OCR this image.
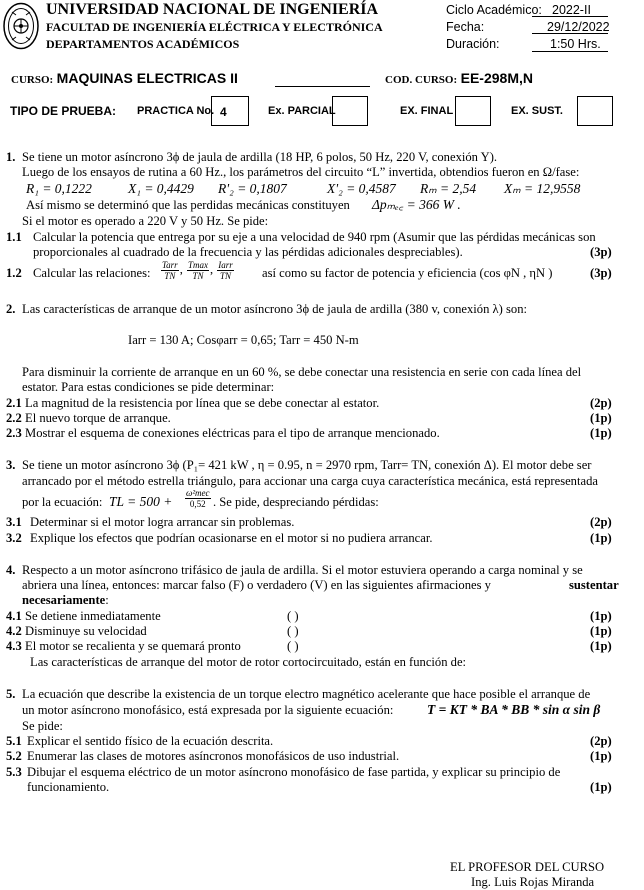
UNIVERSIDAD NACIONAL DE INGENIERÍA
FACULTAD DE INGENIERÍA ELÉCTRICA Y ELECTRÓNICA
DEPARTAMENTOS ACADÉMICOS
Ciclo Académico: 2022-II
Fecha:	29/12/2022
Duración:	1:50 Hrs.
CURSO: MAQUINAS ELECTRICAS II	COD. CURSO: EE-298M,N
TIPO DE PRUEBA: PRACTICA No. 4	Ex. PARCIAL	EX. FINAL	EX. SUST.
1. Se tiene un motor asíncrono 3ϕ de jaula de ardilla (18 HP, 6 polos, 50 Hz, 220 V, conexión Y).
Luego de los ensayos de rutina a 60 Hz., los parámetros del circuito “L” invertida, obtendios fueron en Ω/fase:
R₁ = 0,1222	X₁ = 0,4429 R'₂ = 0,1807	X'₂ = 0,4587 Rₘ = 2,54 Xₘ = 12,9558
Así mismo se determinó que las perdidas mecánicas constituyen Δpₘₑ꜀ = 366 W .
Si el motor es operado a 220 V y 50 Hz. Se pide:
1.1 Calcular la potencia que entrega por su eje a una velocidad de 940 rpm (Asumir que las pérdidas mecánicas son
proporcionales al cuadrado de la frecuencia y las pérdidas adicionales despreciables).	(3p)
1.2 Calcular las relaciones:
Tarr
TN , Tmax
TN , Iarr
TN así como su factor de potencia y eficiencia (cos φN , ηN )	(3p)
2. Las características de arranque de un motor asíncrono 3ϕ de jaula de ardilla (380 v, conexión λ) son:
Iarr = 130 A; Cosφarr = 0,65; Tarr = 450 N-m
Para disminuir la corriente de arranque en un 60 %, se debe conectar una resistencia en serie con cada línea del
estator. Para estas condiciones se pide determinar:
2.1 La magnitud de la resistencia por línea que se debe conectar al estator.	(2p)
2.2 El nuevo torque de arranque.	(1p)
2.3 Mostrar el esquema de conexiones eléctricas para el tipo de arranque mencionado.	(1p)
3. Se tiene un motor asíncrono 3ϕ (P₁= 421 kW , η = 0.95, n = 2970 rpm, Tarr= TN, conexión Δ). El motor debe ser
arrancado por el método estrella triángulo, para accionar una carga cuya característica mecánica, está representada
por la ecuación: TL = 500 +
ω²mec
0,52 . Se pide, despreciando pérdidas:
3.1 Determinar si el motor logra arrancar sin problemas.	(2p)
3.2 Explique los efectos que podrían ocasionarse en el motor si no pudiera arrancar.	(1p)
4. Respecto a un motor asíncrono trifásico de jaula de ardilla. Si el motor estuviera operando a carga nominal y se
abriera una línea, entonces: marcar falso (F) o verdadero (V) en las siguientes afirmaciones y	sustentar
necesariamente:
4.1 Se detiene inmediatamente	( )	(1p)
4.2 Disminuye su velocidad	( )	(1p)
4.3 El motor se recalienta y se quemará pronto	( )	(1p)
Las características de arranque del motor de rotor cortocircuitado, están en función de:
5. La ecuación que describe la existencia de un torque electro magnético acelerante que hace posible el arranque de
un motor asíncrono monofásico, está expresada por la siguiente ecuación: T = KT * BA * BB * sin α sin β
Se pide:
5.1 Explicar el sentido físico de la ecuación descrita.	(2p)
5.2 Enumerar las clases de motores asíncronos monofásicos de uso industrial.	(1p)
5.3 Dibujar el esquema eléctrico de un motor asíncrono monofásico de fase partida, y explicar su principio de
funcionamiento.	(1p)
EL PROFESOR DEL CURSO
Ing. Luis Rojas Miranda
